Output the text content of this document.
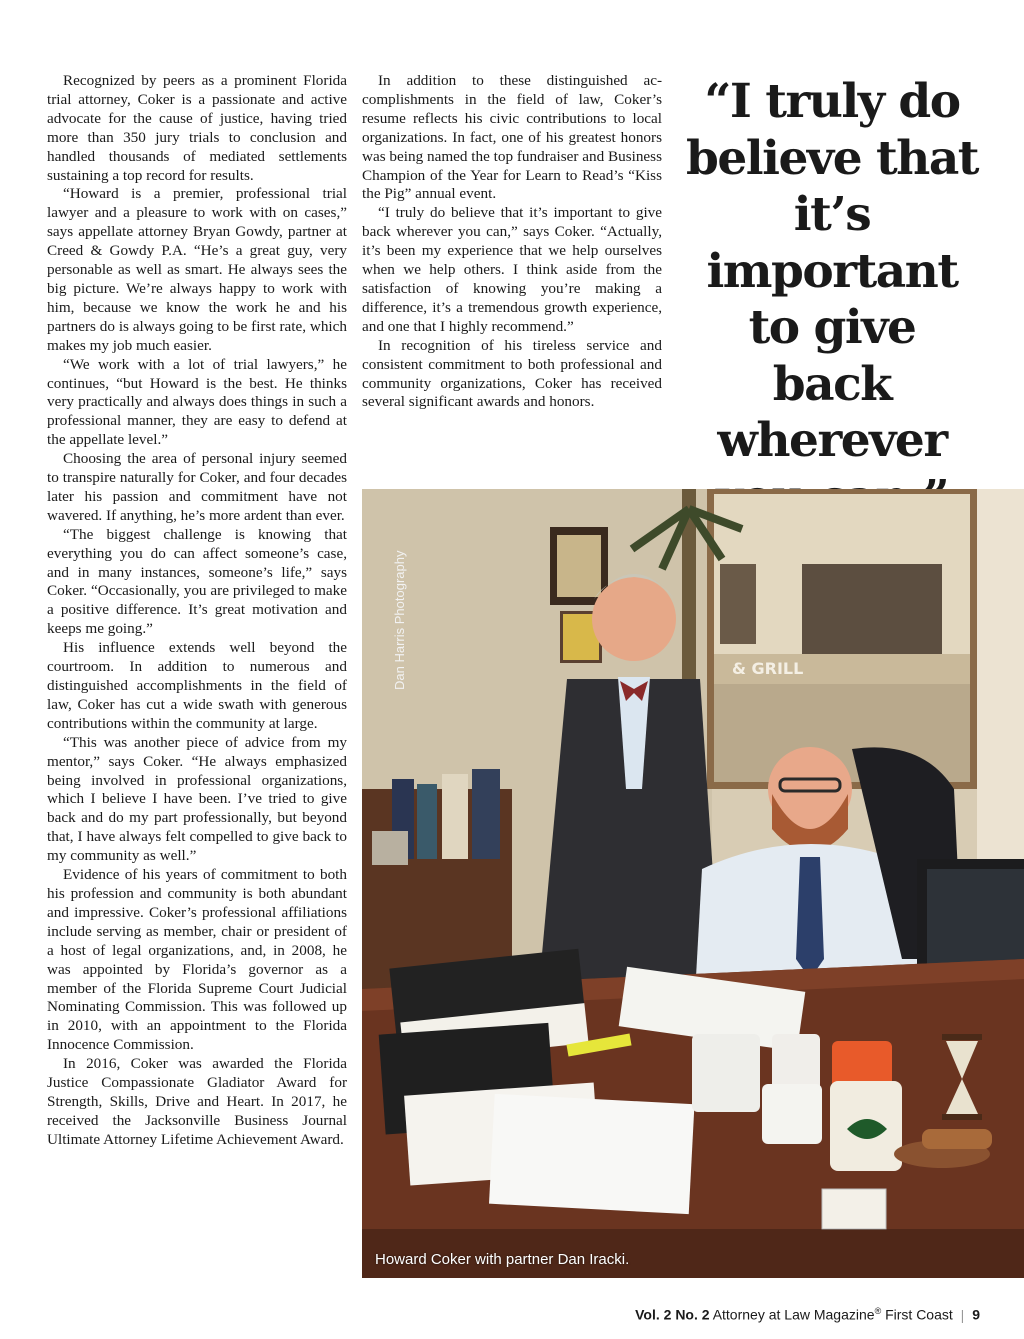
Recognized by peers as a prominent Florida trial attorney, Coker is a passionate and active advocate for the cause of justice, having tried more than 350 jury trials to conclusion and handled thousands of mediated settlements sustaining a top record for results.

“Howard is a premier, professional trial lawyer and a pleasure to work with on cases,” says appellate attorney Bryan Gowdy, partner at Creed & Gowdy P.A. “He’s a great guy, very personable as well as smart. He always sees the big picture. We’re always happy to work with him, because we know the work he and his partners do is always going to be first rate, which makes my job much easier.

“We work with a lot of trial lawyers,” he continues, “but Howard is the best. He thinks very practically and always does things in such a professional manner, they are easy to defend at the appellate level.”

Choosing the area of personal injury seemed to transpire naturally for Coker, and four decades later his passion and commitment have not wavered. If anything, he’s more ardent than ever.

“The biggest challenge is knowing that everything you do can affect someone’s case, and in many instances, someone’s life,” says Coker. “Occasionally, you are privileged to make a positive difference. It’s great motivation and keeps me going.”

His influence extends well beyond the courtroom. In addition to numerous and distinguished accomplishments in the field of law, Coker has cut a wide swath with generous contributions within the community at large.

“This was another piece of advice from my mentor,” says Coker. “He always emphasized being involved in professional organizations, which I believe I have been. I’ve tried to give back and do my part professionally, but beyond that, I have always felt compelled to give back to my community as well.”

Evidence of his years of commitment to both his profession and community is both abundant and impressive. Coker’s professional affiliations include serving as member, chair or president of a host of legal organizations, and, in 2008, he was appointed by Florida’s governor as a member of the Florida Supreme Court Judicial Nominating Commission. This was followed up in 2010, with an appointment to the Florida Innocence Commission.

In 2016, Coker was awarded the Florida Justice Compassionate Gladiator Award for Strength, Skills, Drive and Heart. In 2017, he received the Jacksonville Business Journal Ultimate Attorney Lifetime Achievement Award.

In addition to these distinguished accomplishments in the field of law, Coker’s resume reflects his civic contributions to local organizations. In fact, one of his greatest honors was being named the top fundraiser and Business Champion of the Year for Learn to Read’s “Kiss the Pig” annual event.

“I truly do believe that it’s important to give back wherever you can,” says Coker. “Actually, it’s been my experience that we help ourselves when we help others. I think aside from the satisfaction of knowing you’re making a difference, it’s a tremendous growth experience, and one that I highly recommend.”

In recognition of his tireless service and consistent commitment to both professional and community organizations, Coker has received several significant awards and honors.

“I truly do believe that it’s important to give back wherever
& GRILL
Dan Harris Photography
Howard Coker with partner Dan Iracki.
Vol. 2 No. 2 Attorney at Law Magazine® First Coast | 9
